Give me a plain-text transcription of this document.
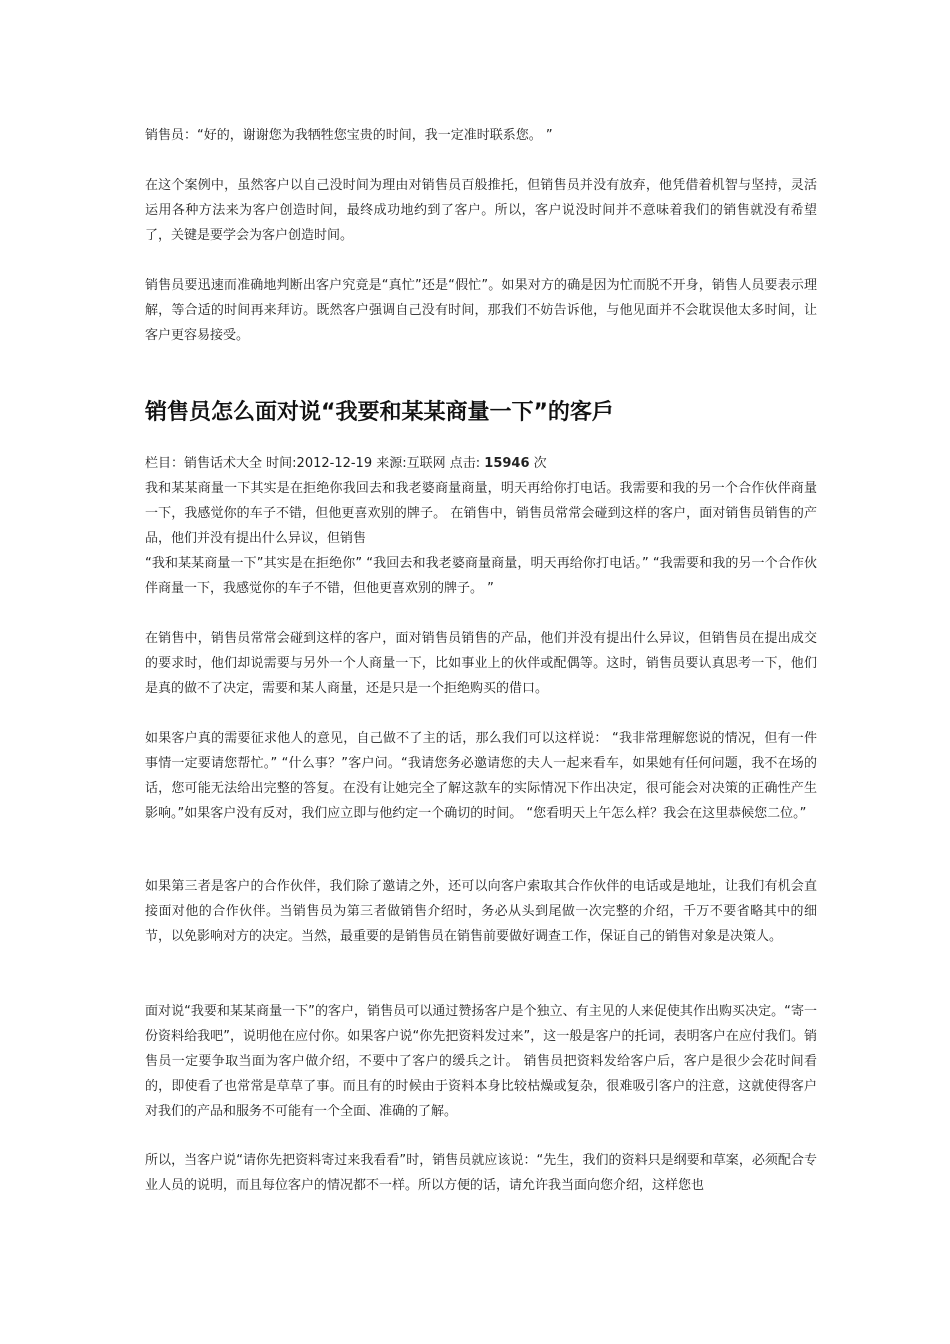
销售员：“好的，谢谢您为我牺牲您宝贵的时间，我一定准时联系您。 ”

在这个案例中，虽然客户以自己没时间为理由对销售员百般推托，但销售员并没有放弃，他凭借着机智与坚持，灵活运用各种方法来为客户创造时间，最终成功地约到了客户。所以，客户说没时间并不意味着我们的销售就没有希望了，关键是要学会为客户创造时间。

销售员要迅速而准确地判断出客户究竟是“真忙”还是“假忙”。如果对方的确是因为忙而脱不开身，销售人员要表示理解，等合适的时间再来拜访。既然客户强调自己没有时间，那我们不妨告诉他，与他见面并不会耽误他太多时间，让客户更容易接受。

销售员怎么面对说“我要和某某商量一下”的客戶
栏目：销售话术大全 时间:2012-12-19 来源:互联网 点击: 15946 次

我和某某商量一下其实是在拒绝你我回去和我老婆商量商量，明天再给你打电话。我需要和我的另一个合作伙伴商量一下，我感觉你的车子不错，但他更喜欢别的牌子。 在销售中，销售员常常会碰到这样的客户，面对销售员销售的产品，他们并没有提出什么异议，但销售

“我和某某商量一下”其实是在拒绝你” “我回去和我老婆商量商量，明天再给你打电话。” “我需要和我的另一个合作伙伴商量一下，我感觉你的车子不错，但他更喜欢别的牌子。 ”

在销售中，销售员常常会碰到这样的客户，面对销售员销售的产品，他们并没有提出什么异议，但销售员在提出成交的要求时，他们却说需要与另外一个人商量一下，比如事业上的伙伴或配偶等。这时，销售员要认真思考一下，他们是真的做不了决定，需要和某人商量，还是只是一个拒绝购买的借口。

如果客户真的需要征求他人的意见，自己做不了主的话，那么我们可以这样说： “我非常理解您说的情况，但有一件事情一定要请您帮忙。” “什么事？”客户问。“我请您务必邀请您的夫人一起来看车，如果她有任何问题，我不在场的话，您可能无法给出完整的答复。在没有让她完全了解这款车的实际情况下作出决定，很可能会对决策的正确性产生影响。”如果客户没有反对，我们应立即与他约定一个确切的时间。 “您看明天上午怎么样？我会在这里恭候您二位。”

如果第三者是客户的合作伙伴，我们除了邀请之外，还可以向客户索取其合作伙伴的电话或是地址，让我们有机会直接面对他的合作伙伴。当销售员为第三者做销售介绍时，务必从头到尾做一次完整的介绍，千万不要省略其中的细节，以免影响对方的决定。当然，最重要的是销售员在销售前要做好调查工作，保证自己的销售对象是决策人。

面对说“我要和某某商量一下”的客户，销售员可以通过赞扬客户是个独立、有主见的人来促使其作出购买决定。“寄一份资料给我吧”，说明他在应付你。如果客户说“你先把资料发过来”，这一般是客户的托词，表明客户在应付我们。销售员一定要争取当面为客户做介绍，不要中了客户的缓兵之计。 销售员把资料发给客户后，客户是很少会花时间看的，即使看了也常常是草草了事。而且有的时候由于资料本身比较枯燥或复杂，很难吸引客户的注意，这就使得客户对我们的产品和服务不可能有一个全面、准确的了解。

所以，当客户说“请你先把资料寄过来我看看”时，销售员就应该说：“先生，我们的资料只是纲要和草案，必须配合专业人员的说明，而且每位客户的情况都不一样。所以方便的话，请允许我当面向您介绍，这样您也
